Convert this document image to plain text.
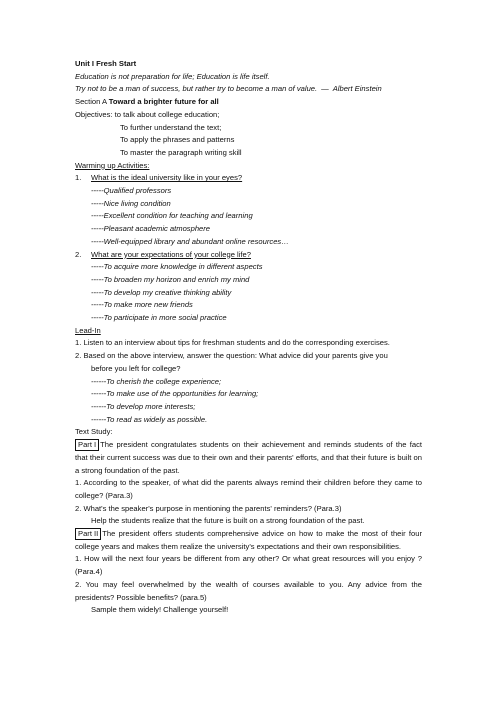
Unit I Fresh Start
Education is not preparation for life; Education is life itself.
Try not to be a man of success, but rather try to become a man of value. — Albert Einstein
Section A Toward a brighter future for all
Objectives: to talk about college education;
To further understand the text;
To apply the phrases and patterns
To master the paragraph writing skill
Warming up Activities:
1. What is the ideal university like in your eyes?
-----Qualified professors
-----Nice living condition
-----Excellent condition for teaching and learning
-----Pleasant academic atmosphere
-----Well-equipped library and abundant online resources…
2. What are your expectations of your college life?
-----To acquire more knowledge in different aspects
-----To broaden my horizon and enrich my mind
-----To develop my creative thinking ability
-----To make more new friends
-----To participate in more social practice
Lead-In
1. Listen to an interview about tips for freshman students and do the corresponding exercises.
2. Based on the above interview, answer the question: What advice did your parents give you
before you left for college?
------To cherish the college experience;
------To make use of the opportunities for learning;
------To develop more interests;
------To read as widely as possible.
Text Study:

Part I The president congratulates students on their achievement and reminds students of the fact that their current success was due to their own and their parents' efforts, and that their future is built on a strong foundation of the past.

1. According to the speaker, of what did the parents always remind their children before they came to college? (Para.3)

2. What's the speaker's purpose in mentioning the parents' reminders? (Para.3)
Help the students realize that the future is built on a strong foundation of the past.

Part II The president offers students comprehensive advice on how to make the most of their four college years and makes them realize the university's expectations and their own responsibilities.

1. How will the next four years be different from any other? Or what great resources will you enjoy ? (Para.4)

2. You may feel overwhelmed by the wealth of courses available to you. Any advice from the presidents? Possible benefits? (para.5)

Sample them widely! Challenge yourself!
